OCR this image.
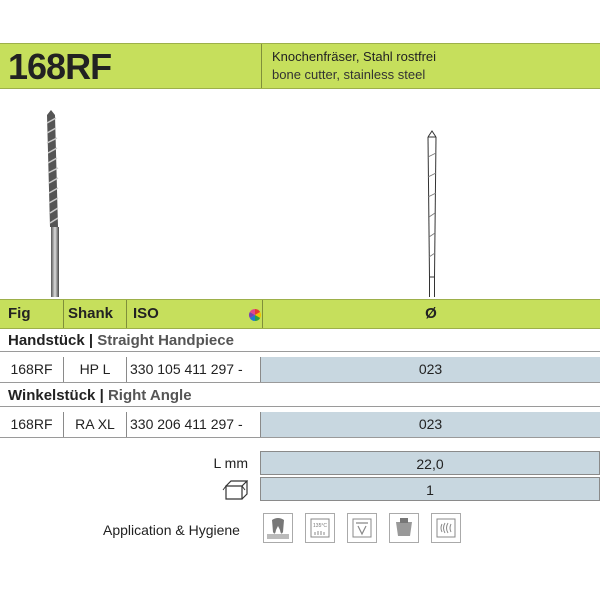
168RF	Knochenfräser, Stahl rostfrei
bone cutter, stainless steel
Fig	Shank	ISO	Ø
Handstück | Straight Handpiece
168RF	HP L	330 105 411 297 -	023
Winkelstück | Right Angle
168RF	RA XL	330 206 411 297 -	023
L mm	22,0
1
Application & Hygiene	135°C
